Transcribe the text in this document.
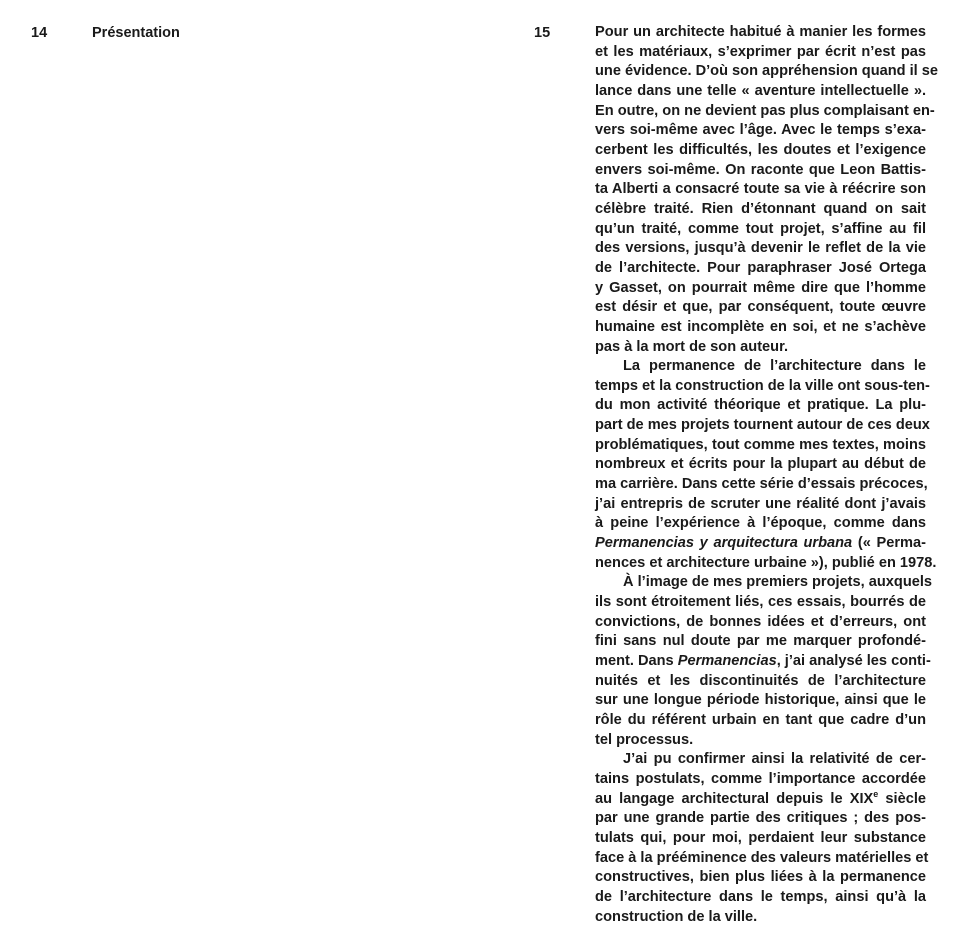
14	Présentation	15	Pour un architecte habitué à manier les formes
et les matériaux, s’exprimer par écrit n’est pas
une évidence. D’où son appréhension quand il se
lance dans une telle « aventure intellectuelle ».
En outre, on ne devient pas plus complaisant en-
vers soi-même avec l’âge. Avec le temps s’exa-
cerbent les difficultés, les doutes et l’exigence
envers soi-même. On raconte que Leon Battis-
ta Alberti a consacré toute sa vie à réécrire son
célèbre traité. Rien d’étonnant quand on sait
qu’un traité, comme tout projet, s’affine au fil
des versions, jusqu’à devenir le reflet de la vie
de l’architecte. Pour paraphraser José Ortega
y Gasset, on pourrait même dire que l’homme
est désir et que, par conséquent, toute œuvre
humaine est incomplète en soi, et ne s’achève
pas à la mort de son auteur.
La permanence de l’architecture dans le
temps et la construction de la ville ont sous-ten-
du mon activité théorique et pratique. La plu-
part de mes projets tournent autour de ces deux
problématiques, tout comme mes textes, moins
nombreux et écrits pour la plupart au début de
ma carrière. Dans cette série d’essais précoces,
j’ai entrepris de scruter une réalité dont j’avais
à peine l’expérience à l’époque, comme dans
Permanencias y arquitectura urbana (« Perma-
nences et architecture urbaine »), publié en 1978.
À l’image de mes premiers projets, auxquels
ils sont étroitement liés, ces essais, bourrés de
convictions, de bonnes idées et d’erreurs, ont
fini sans nul doute par me marquer profondé-
ment. Dans Permanencias, j’ai analysé les conti-
nuités et les discontinuités de l’architecture
sur une longue période historique, ainsi que le
rôle du référent urbain en tant que cadre d’un
tel processus.
J’ai pu confirmer ainsi la relativité de cer-
tains postulats, comme l’importance accordée
au langage architectural depuis le XIXe siècle
par une grande partie des critiques ; des pos-
tulats qui, pour moi, perdaient leur substance
face à la prééminence des valeurs matérielles et
constructives, bien plus liées à la permanence
de l’architecture dans le temps, ainsi qu’à la
construction de la ville.
